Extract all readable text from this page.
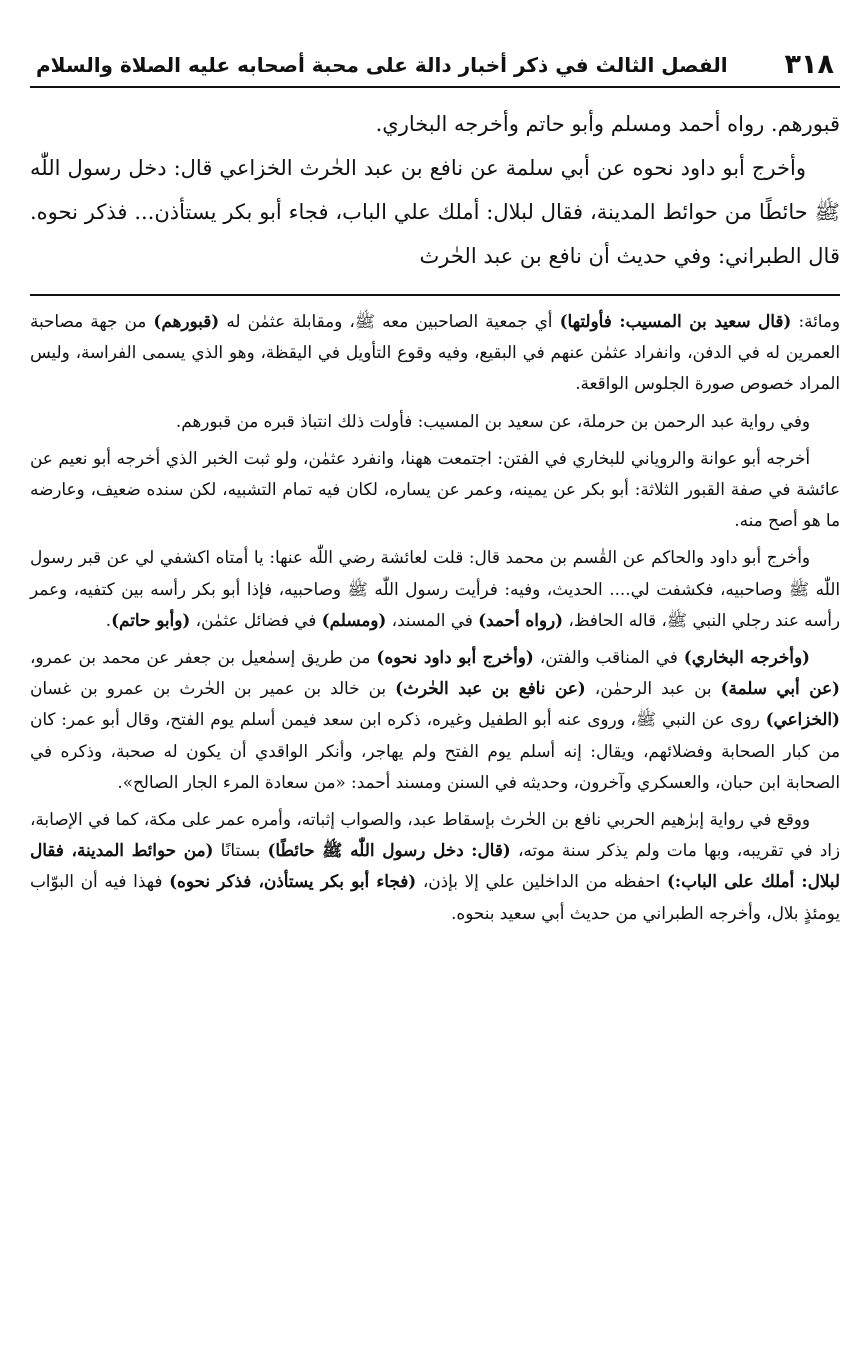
٣١٨
الفصل الثالث في ذكر أخبار دالة على محبة أصحابه عليه الصلاة والسلام

قبورهم. رواه أحمد ومسلم وأبو حاتم وأخرجه البخاري.

وأخرج أبو داود نحوه عن أبي سلمة عن نافع بن عبد الحٰرث الخزاعي قال: دخل رسول اللّٰه ﷺ حائطًا من حوائط المدينة، فقال لبلال: أملك علي الباب، فجاء أبو بكر يستأذن... فذكر نحوه. قال الطبراني: وفي حديث أن نافع بن عبد الحٰرث

ومائة: (قال سعيد بن المسيب: فأولتها) أي جمعية الصاحبين معه ﷺ، ومقابلة عثمٰن له (قبورهم) من جهة مصاحبة العمرين له في الدفن، وانفراد عثمٰن عنهم في البقيع، وفيه وقوع التأويل في اليقظة، وهو الذي يسمى الفراسة، وليس المراد خصوص صورة الجلوس الواقعة.

وفي رواية عبد الرحمن بن حرملة، عن سعيد بن المسيب: فأولت ذلك انتباذ قبره من قبورهم.

أخرجه أبو عوانة والروياني للبخاري في الفتن: اجتمعت ههنا، وانفرد عثمٰن، ولو ثبت الخبر الذي أخرجه أبو نعيم عن عائشة في صفة القبور الثلاثة: أبو بكر عن يمينه، وعمر عن يساره، لكان فيه تمام التشبيه، لكن سنده ضعيف، وعارضه ما هو أصح منه.

وأخرج أبو داود والحاكم عن القٰسم بن محمد قال: قلت لعائشة رضي اللّٰه عنها: يا أمتاه اكشفي لي عن قبر رسول اللّٰه ﷺ وصاحبيه، فكشفت لي.... الحديث، وفيه: فرأيت رسول اللّٰه ﷺ وصاحبيه، فإذا أبو بكر رأسه بين كتفيه، وعمر رأسه عند رجلي النبي ﷺ، قاله الحافظ، (رواه أحمد) في المسند، (ومسلم) في فضائل عثمٰن، (وأبو حاتم).

(وأخرجه البخاري) في المناقب والفتن، (وأخرج أبو داود نحوه) من طريق إسمٰعيل بن جعفر عن محمد بن عمرو، (عن أبي سلمة) بن عبد الرحمٰن، (عن نافع بن عبد الحٰرث) بن خالد بن عمير بن الحٰرث بن عمرو بن غسان (الخزاعي) روى عن النبي ﷺ، وروى عنه أبو الطفيل وغيره، ذكره ابن سعد فيمن أسلم يوم الفتح، وقال أبو عمر: كان من كبار الصحابة وفضلائهم، ويقال: إنه أسلم يوم الفتح ولم يهاجر، وأنكر الواقدي أن يكون له صحبة، وذكره في الصحابة ابن حبان، والعسكري وآخرون، وحديثه في السنن ومسند أحمد: «من سعادة المرء الجار الصالح».

ووقع في رواية إبرٰهيم الحربي نافع بن الحٰرث بإسقاط عبد، والصواب إثباته، وأمره عمر على مكة، كما في الإصابة، زاد في تقريبه، وبها مات ولم يذكر سنة موته، (قال: دخل رسول اللّٰه ﷺ حائطًا) بستانًا (من حوائط المدينة، فقال لبلال: أملك على الباب:) احفظه من الداخلين علي إلا بإذن، (فجاء أبو بكر يستأذن، فذكر نحوه) فهذا فيه أن البوّاب يومئذٍ بلال، وأخرجه الطبراني من حديث أبي سعيد بنحوه.
